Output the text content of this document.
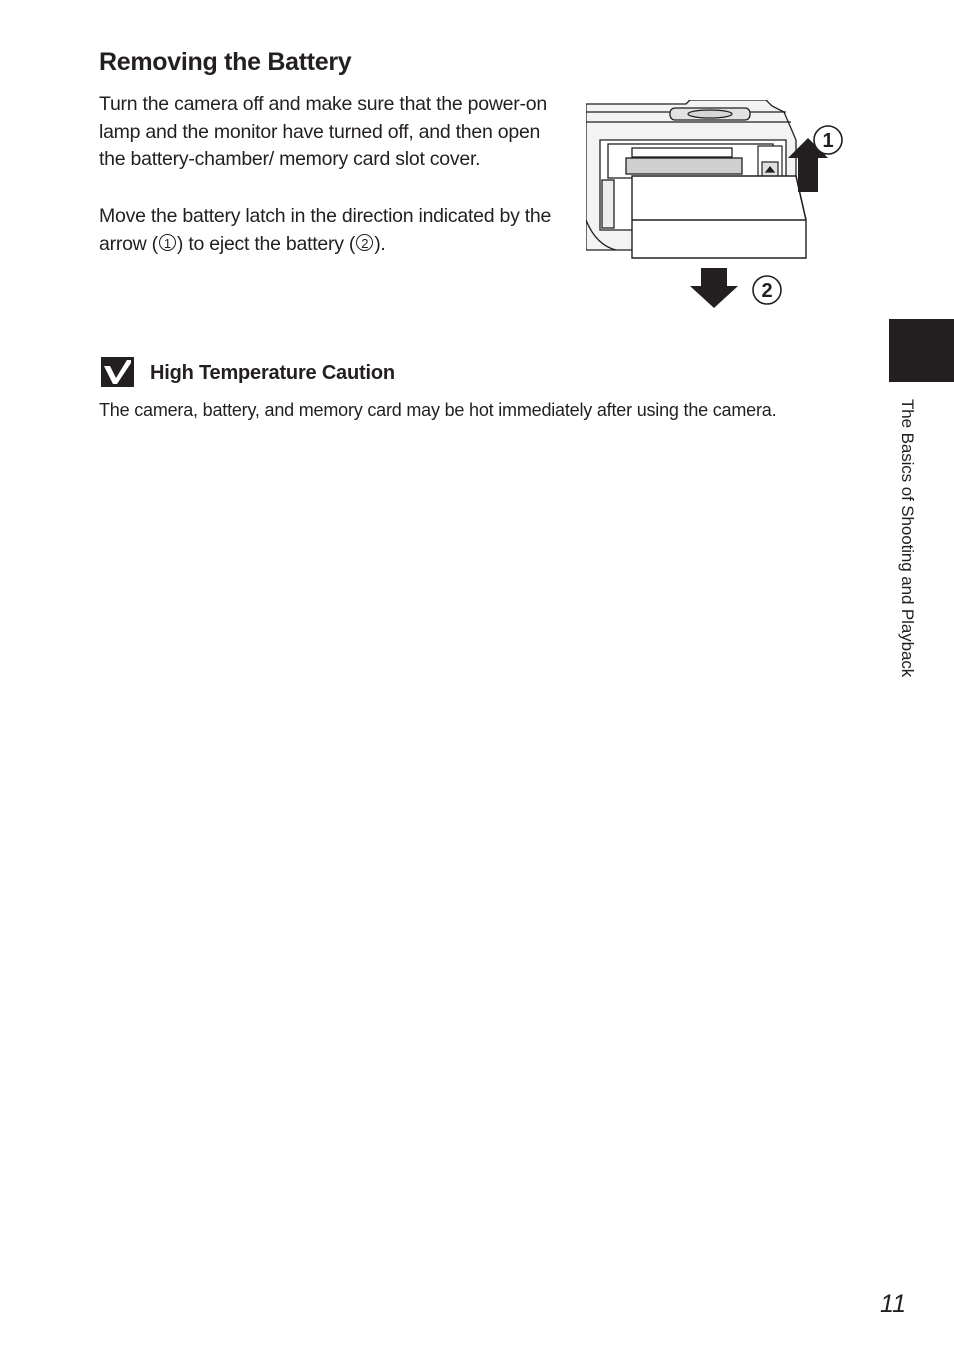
Removing the Battery

Turn the camera off and make sure that the power-on lamp and the monitor have turned off, and then open the battery-chamber/ memory card slot cover.

Move the battery latch in the direction indicated by the arrow ( 1 ) to eject the battery ( 2 ).

1
2
High Temperature Caution

The camera, battery, and memory card may be hot immediately after using the camera.	The Basics of Shooting and Playback
11
